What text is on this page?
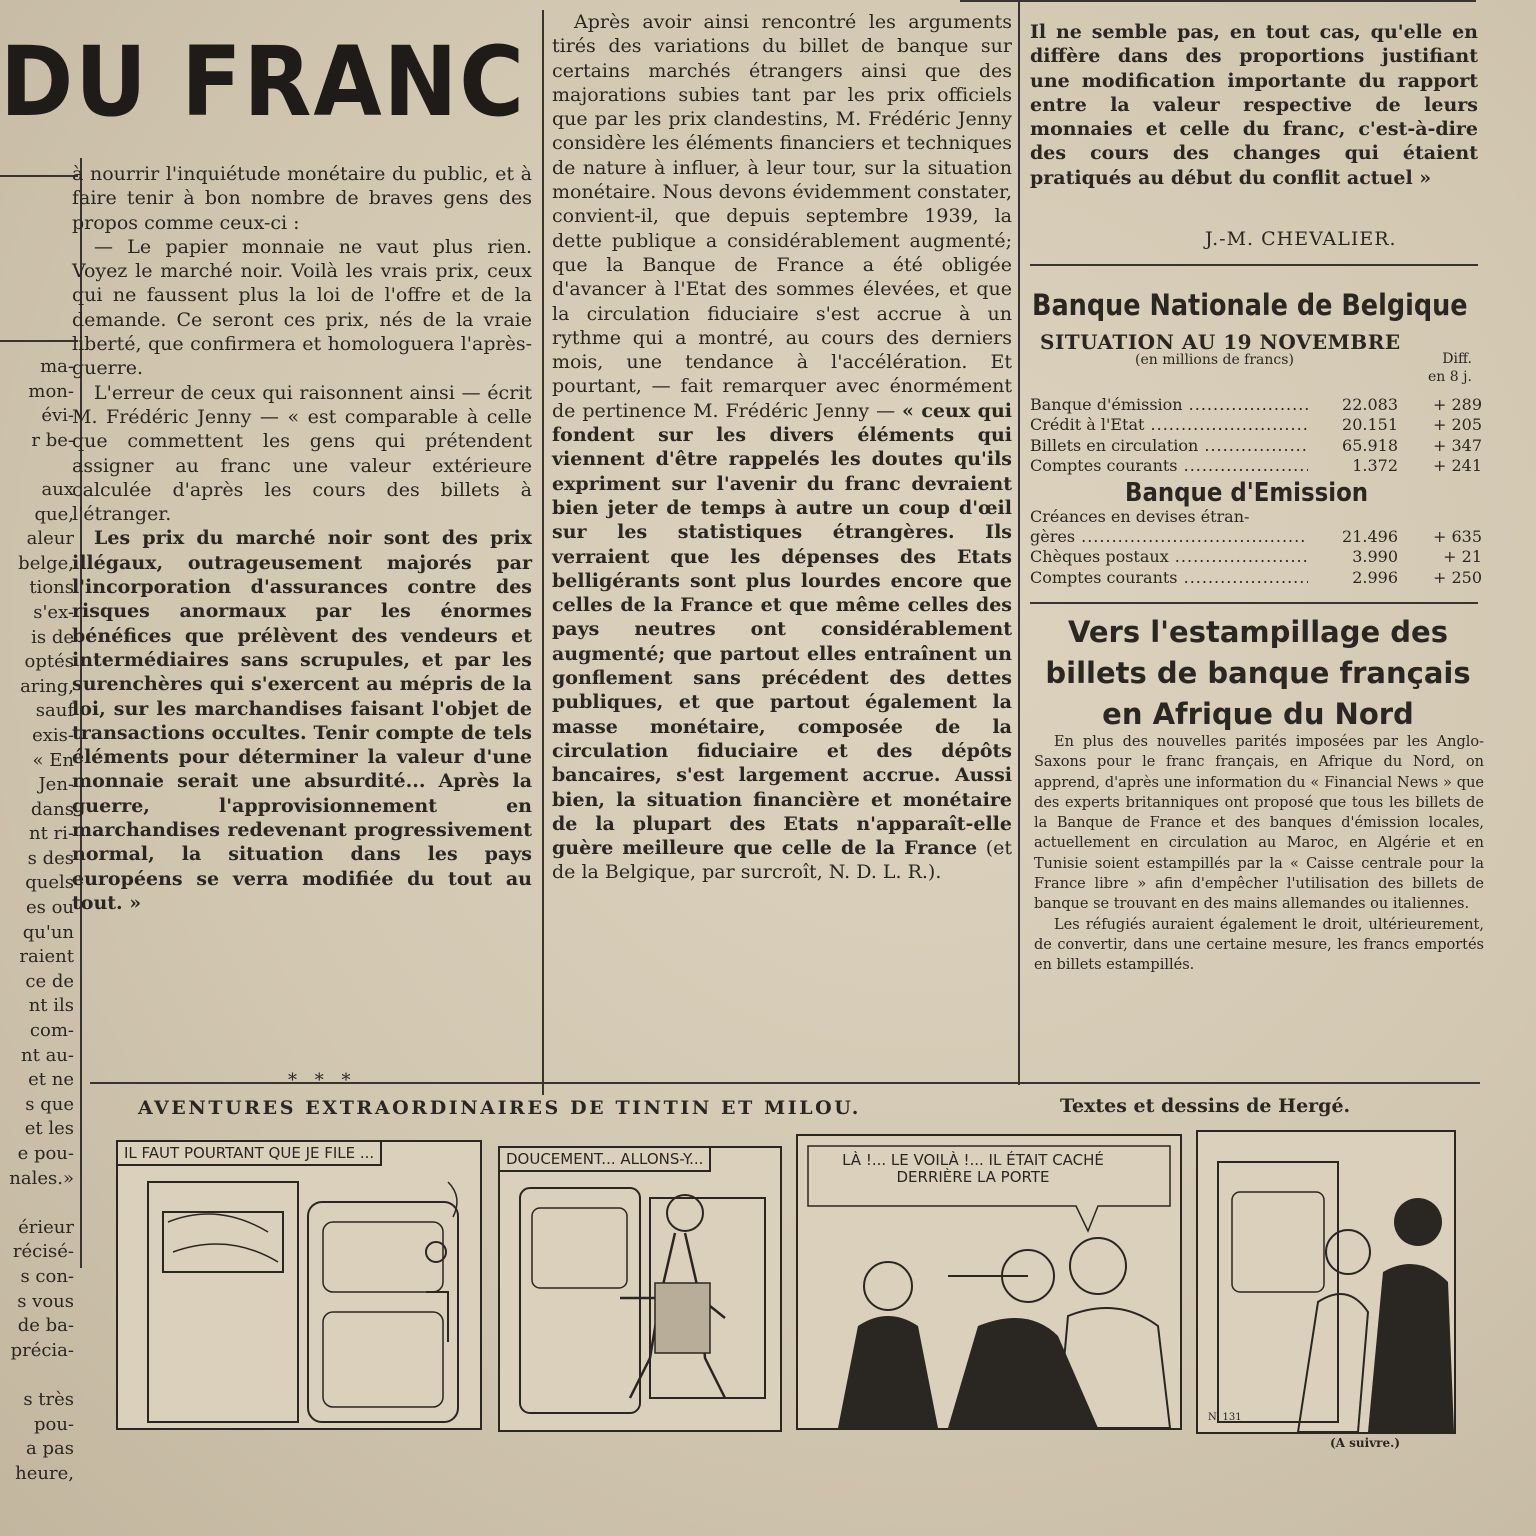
DU FRANC
ma-
mon-
évi-
r be-
aux
que,
aleur
belge,
tions
s'ex-
is de
optés
aring,
sauf
exis-
« En
Jen-
dans
nt ri-
s des
quels
es ou
qu'un
raient
ce de
nt ils
com-
nt au-
et ne
s que
et les
e pou-
nales.»
érieur
récisé-
s con-
s vous
de ba-
précia-
s très
pou-
a pas
heure,

à nourrir l'inquiétude monétaire du public, et à faire tenir à bon nombre de braves gens des propos comme ceux-ci :

— Le papier monnaie ne vaut plus rien. Voyez le marché noir. Voilà les vrais prix, ceux qui ne faussent plus la loi de l'offre et de la demande. Ce seront ces prix, nés de la vraie liberté, que confirmera et homologuera l'après-guerre.

L'erreur de ceux qui raisonnent ainsi — écrit M. Frédéric Jenny — « est comparable à celle que commettent les gens qui prétendent assigner au franc une valeur extérieure calculée d'après les cours des billets à l'étranger.

Les prix du marché noir sont des prix illégaux, outrageusement majorés par l'incorporation d'assurances contre des risques anormaux par les énormes bénéfices que prélèvent des vendeurs et intermédiaires sans scrupules, et par les surenchères qui s'exercent au mépris de la loi, sur les marchandises faisant l'objet de transactions occultes. Tenir compte de tels éléments pour déterminer la valeur d'une monnaie serait une absurdité... Après la guerre, l'approvisionnement en marchandises redevenant progressivement normal, la situation dans les pays européens se verra modifiée du tout au tout. »

* * *

Après avoir ainsi rencontré les arguments tirés des variations du billet de banque sur certains marchés étrangers ainsi que des majorations subies tant par les prix officiels que par les prix clandestins, M. Frédéric Jenny considère les éléments financiers et techniques de nature à influer, à leur tour, sur la situation monétaire. Nous devons évidemment constater, convient-il, que depuis septembre 1939, la dette publique a considérablement augmenté; que la Banque de France a été obligée d'avancer à l'Etat des sommes élevées, et que la circulation fiduciaire s'est accrue à un rythme qui a montré, au cours des derniers mois, une tendance à l'accélération. Et pourtant, — fait remarquer avec énormément de pertinence M. Frédéric Jenny — « ceux qui fondent sur les divers éléments qui viennent d'être rappelés les doutes qu'ils expriment sur l'avenir du franc devraient bien jeter de temps à autre un coup d'œil sur les statistiques étrangères. Ils verraient que les dépenses des Etats belligérants sont plus lourdes encore que celles de la France et que même celles des pays neutres ont considérablement augmenté; que partout elles entraînent un gonflement sans précédent des dettes publiques, et que partout également la masse monétaire, composée de la circulation fiduciaire et des dépôts bancaires, s'est largement accrue. Aussi bien, la situation financière et monétaire de la plupart des Etats n'apparaît-elle guère meilleure que celle de la France (et de la Belgique, par surcroît, N. D. L. R.).

Il ne semble pas, en tout cas, qu'elle en diffère dans des proportions justifiant une modification importante du rapport entre la valeur respective de leurs monnaies et celle du franc, c'est-à-dire des cours des changes qui étaient pratiqués au début du conflit actuel »

J.-M. CHEVALIER.
Banque Nationale de Belgique
SITUATION AU 19 NOVEMBRE
(en millions de francs)	Diff.
en 8 j.
Banque d'émission .....	22.083	+ 289
Crédit à l'Etat .....	20.151	+ 205
Billets en circulation .....	65.918	+ 347
Comptes courants .....	1.372	+ 241
Banque d'Emission
Créances en devises étran-
gères .....	21.496	+ 635
Chèques postaux .....	3.990	+ 21
Comptes courants .....	2.996	+ 250
Vers l'estampillage des billets de banque français en Afrique du Nord

En plus des nouvelles parités imposées par les Anglo-Saxons pour le franc français, en Afrique du Nord, on apprend, d'après une information du « Financial News » que des experts britanniques ont proposé que tous les billets de la Banque de France et des banques d'émission locales, actuellement en circulation au Maroc, en Algérie et en Tunisie soient estampillés par la « Caisse centrale pour la France libre » afin d'empêcher l'utilisation des billets de banque se trouvant en des mains allemandes ou italiennes.

Les réfugiés auraient également le droit, ultérieurement, de convertir, dans une certaine mesure, les francs emportés en billets estampillés.

AVENTURES EXTRAORDINAIRES DE TINTIN ET MILOU.	Textes et dessins de Hergé.
IL FAUT POURTANT QUE JE FILE ...	DOUCEMENT... ALLONS-Y...	LÀ !... LE VOILÀ !... IL ÉTAIT CACHÉ
DERRIÈRE LA PORTE
N. 131
(A suivre.)
